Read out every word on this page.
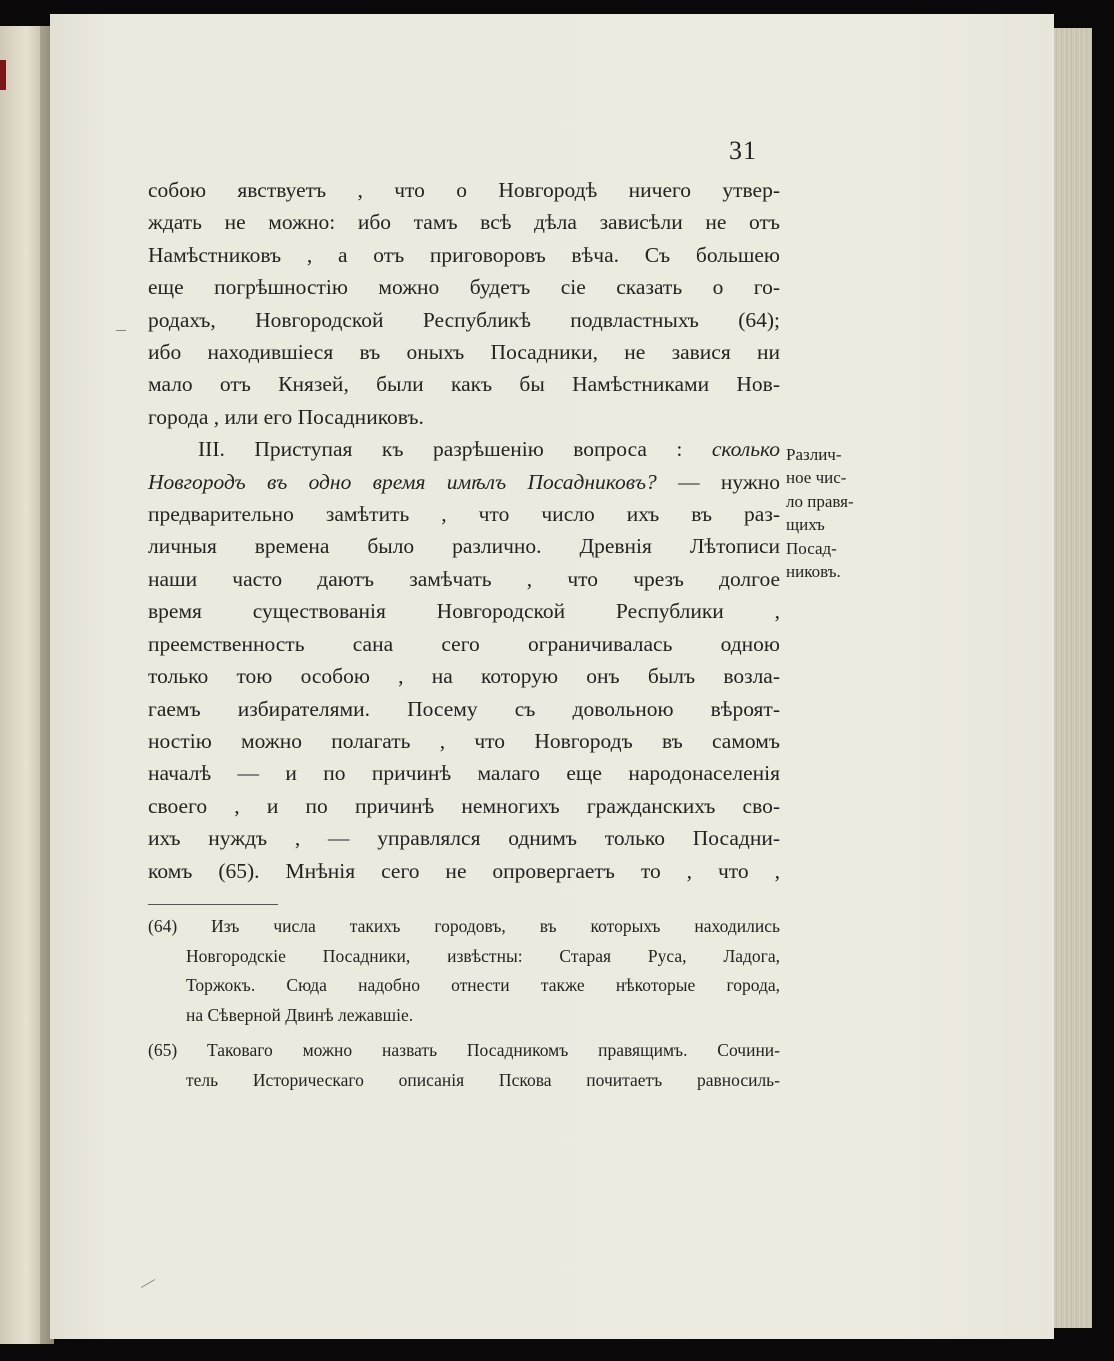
31
собою явствуетъ , что о Новгородѣ ничего утвер-
ждать не можно: ибо тамъ всѣ дѣла зависѣли не отъ
Намѣстниковъ , а отъ приговоровъ вѣча. Съ большею
еще погрѣшностію можно будетъ сіе сказать о го-
родахъ, Новгородской Республикѣ подвластныхъ (64);
ибо находившіеся въ оныхъ Посадники, не завися ни
мало отъ Князей, были какъ бы Намѣстниками Нов-
города , или его Посадниковъ.
III. Приступая къ разрѣшенію вопроса : сколько
Новгородъ въ одно время имѣлъ Посадниковъ? — нужно
предварительно замѣтить , что число ихъ въ раз-
личныя времена было различно. Древнія Лѣтописи
наши часто даютъ замѣчать , что чрезъ долгое
время существованія Новгородской Республики ,
преемственность сана сего ограничивалась одною
только тою особою , на которую онъ былъ возла-
гаемъ избирателями. Посему съ довольною вѣроят-
ностію можно полагать , что Новгородъ въ самомъ
началѣ — и по причинѣ малаго еще народонаселенія
своего , и по причинѣ немногихъ гражданскихъ сво-
ихъ нуждъ , — управлялся однимъ только Посадни-
комъ (65). Мнѣнія сего не опровергаетъ то , что ,
Различ-
ное чис-
ло правя-
щихъ
Посад-
никовъ.
(64) Изъ числа такихъ городовъ, въ которыхъ находились
Новгородскіе Посадники, извѣстны: Старая Руса, Ладога,
Торжокъ. Сюда надобно отнести также нѣкоторые города,
на Сѣверной Двинѣ лежавшіе.
(65) Таковаго можно назвать Посадникомъ правящимъ. Сочини-
тель Историческаго описанія Пскова почитаетъ равносиль-
